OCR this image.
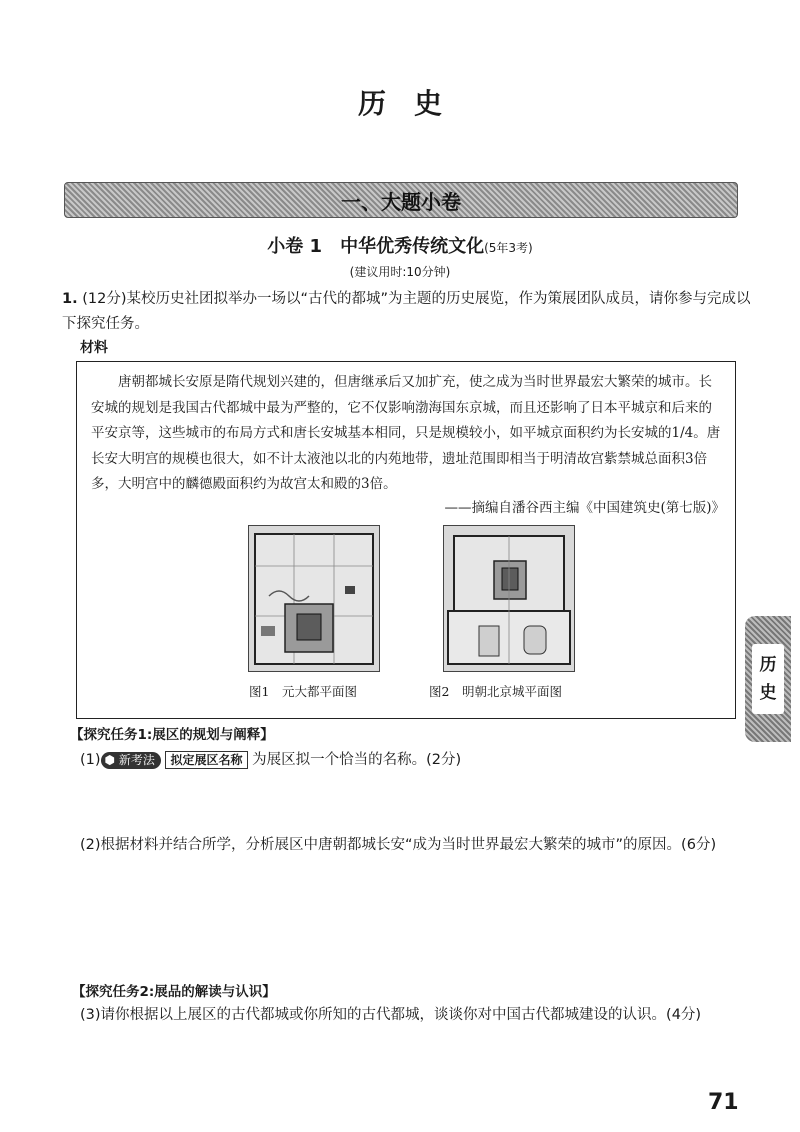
历 史
一、大题小卷
小卷 1　中华优秀传统文化(5年3考)
(建议用时:10分钟)
1. (12分)某校历史社团拟举办一场以“古代的都城”为主题的历史展览，作为策展团队成员，请你参与完成以下探究任务。
材料
唐朝都城长安原是隋代规划兴建的，但唐继承后又加扩充，使之成为当时世界最宏大繁荣的城市。长安城的规划是我国古代都城中最为严整的，它不仅影响渤海国东京城，而且还影响了日本平城京和后来的平安京等，这些城市的布局方式和唐长安城基本相同，只是规模较小，如平城京面积约为长安城的1/4。唐长安大明宫的规模也很大，如不计太液池以北的内苑地带，遗址范围即相当于明清故宫紫禁城总面积3倍多，大明宫中的麟德殿面积约为故宫太和殿的3倍。
——摘编自潘谷西主编《中国建筑史(第七版)》
图1　元大都平面图	图2　明朝北京城平面图
【探究任务1:展区的规划与阐释】
(1) ⬢ 新考法 拟定展区名称 为展区拟一个恰当的名称。(2分)
(2)根据材料并结合所学，分析展区中唐朝都城长安“成为当时世界最宏大繁荣的城市”的原因。(6分)
【探究任务2:展品的解读与认识】
(3)请你根据以上展区的古代都城或你所知的古代都城，谈谈你对中国古代都城建设的认识。(4分)
历
史
71
